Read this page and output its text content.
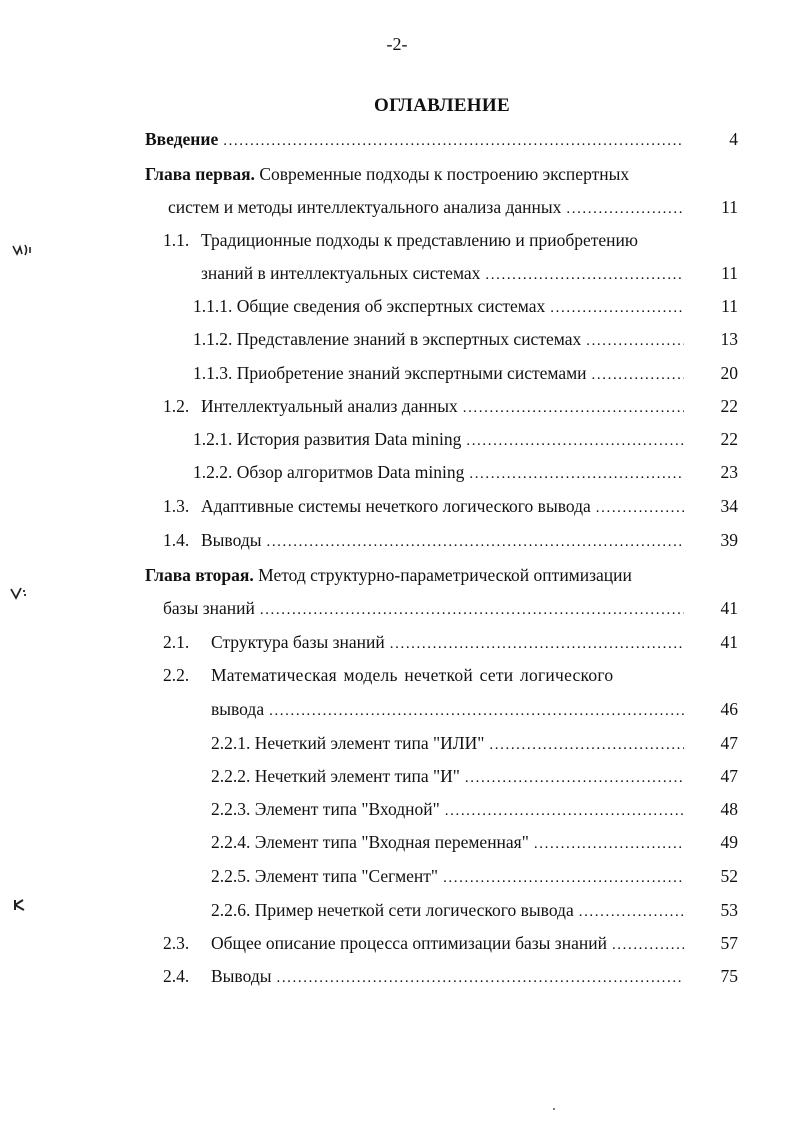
-2-
ОГЛАВЛЕНИЕ
Введение .....	4
Глава первая. Современные подходы к построению экспертных
систем и методы интеллектуального анализа данных .....	11
1.1. Традиционные подходы к представлению и приобретению
знаний в интеллектуальных системах .....	11
1.1.1. Общие сведения об экспертных системах .....	11
1.1.2. Представление знаний в экспертных системах .....	13
1.1.3. Приобретение знаний экспертными системами .....	20
1.2. Интеллектуальный анализ данных .....	22
1.2.1. История развития Data mining .....	22
1.2.2. Обзор алгоритмов Data mining .....	23
1.3. Адаптивные системы нечеткого логического вывода .....	34
1.4. Выводы .....	39
Глава вторая. Метод структурно-параметрической оптимизации
базы знаний .....	41
2.1. Структура базы знаний .....	41
2.2. Математическая модель нечеткой сети логического
вывода .....	46
2.2.1. Нечеткий элемент типа "ИЛИ" .....	47
2.2.2. Нечеткий элемент типа "И" .....	47
2.2.3. Элемент типа "Входной" .....	48
2.2.4. Элемент типа "Входная переменная" .....	49
2.2.5. Элемент типа "Сегмент" .....	52
2.2.6. Пример нечеткой сети логического вывода .....	53
2.3. Общее описание процесса оптимизации базы знаний .....	57
2.4. Выводы .....	75
